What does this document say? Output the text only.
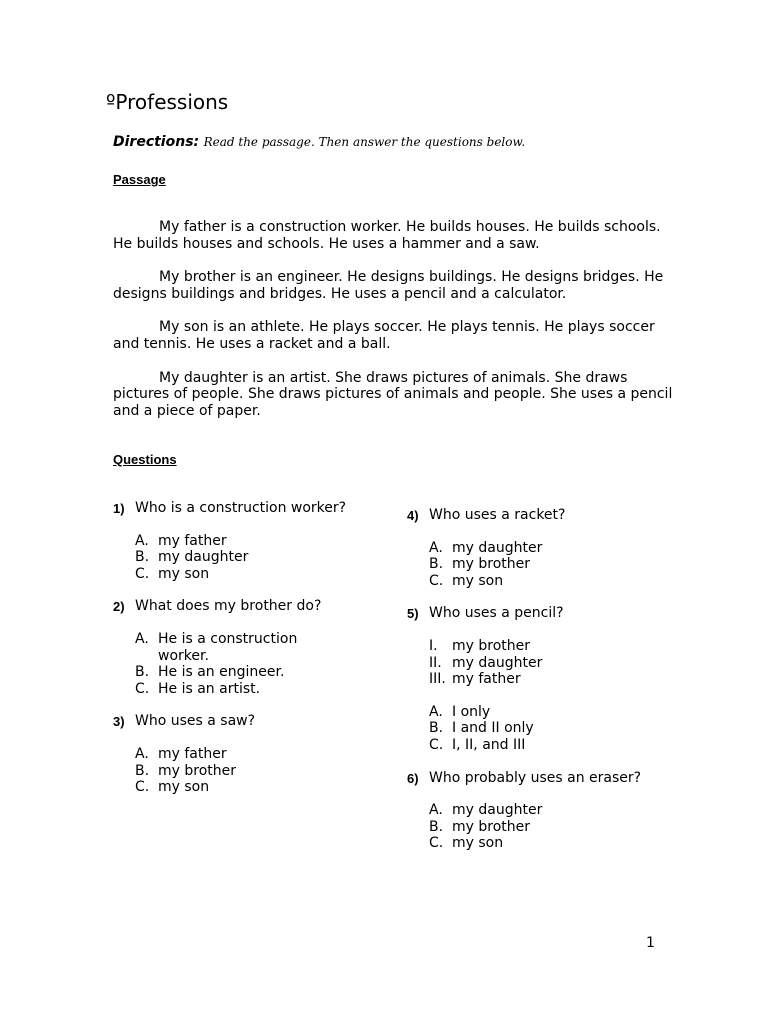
ºProfessions
Directions: Read the passage. Then answer the questions below.
Passage

My father is a construction worker. He builds houses. He builds schools. He builds houses and schools. He uses a hammer and a saw.

My brother is an engineer. He designs buildings. He designs bridges. He designs buildings and bridges. He uses a pencil and a calculator.

My son is an athlete. He plays soccer. He plays tennis. He plays soccer and tennis. He uses a racket and a ball.

My daughter is an artist. She draws pictures of animals. She draws pictures of people. She draws pictures of animals and people. She uses a pencil and a piece of paper.

Questions
1) Who is a construction worker?
A. my father
B. my daughter
C. my son
2) What does my brother do?
A. He is a construction worker.
B. He is an engineer.
C. He is an artist.
3) Who uses a saw?
A. my father
B. my brother
C. my son
4) Who uses a racket?
A. my daughter
B. my brother
C. my son
5) Who uses a pencil?
I. my brother
II. my daughter
III. my father
A. I only
B. I and II only
C. I, II, and III
6) Who probably uses an eraser?
A. my daughter
B. my brother
C. my son
1
